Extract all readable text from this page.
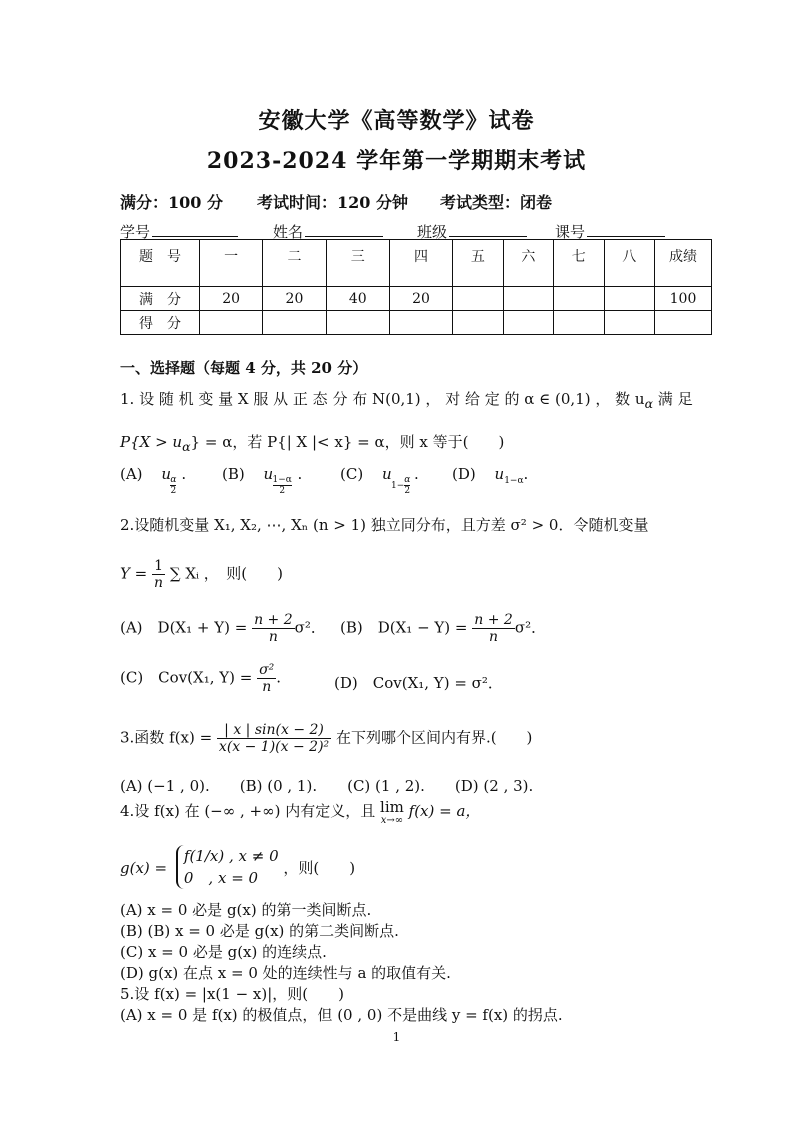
安徽大学《高等数学》试卷
2023-2024 学年第一学期期末考试
满分：100 分 考试时间：120 分钟 考试类型：闭卷
学号	姓名	班级	课号
题　号	一	二	三	四	五	六	七	八	成绩
满　分	20	20	40	20					100
得　分									
一、选择题（每题 4 分，共 20 分）
1. 设 随 机 变 量 X 服 从 正 态 分 布 N(0,1) ， 对 给 定 的 α ∈ (0,1) ， 数 $u_\alpha$ 满 足
$P\{X > u_\alpha\} = \alpha$，若 P{| X |< x} = α，则 x 等于(　　)
(A) u
$\frac{\alpha}{2}$
. (B) u
$\frac{1-\alpha}{2}$
.	(C) u
$1- \frac{\alpha}{2}$
. (D) $u_{1-\alpha}$.
2.设随机变量 X₁, X₂, ⋯, Xₙ (n > 1) 独立同分布，且方差 σ² > 0．令随机变量
$Y = \frac{1}{n}$ ∑ Xᵢ ，　则(　　)
(A)　$D(X_1 + Y) = \frac{n + 2}{n} \sigma^2$． (B)　$D(X_1 - Y) = \frac{n + 2}{n} \sigma^2$．
(C)　Cov(X₁, $Y) = \frac{\text{σ²}}{n}$ .	(D)　Cov(X₁, Y) = σ²．
3.函数 $f(x) = \frac{| x | \sin(x - 2)}{\text{x(x − 1)(x − 2)²}}$ 在下列哪个区间内有界.(　　)
(A) (−1 , 0).　　(B) (0 , 1).　　(C) (1 , 2).　　(D) (2 , 3).
4.设 f(x) 在 (−∞ , +∞) 内有定义，且 lim
x→∞
f(x) = a，
g(x) =
f(1/x) , x ≠ 0
0　, x = 0
，则(　　)
(A) x = 0 必是 g(x) 的第一类间断点.
(B) (B) x = 0 必是 g(x) 的第二类间断点.
(C) x = 0 必是 g(x) 的连续点.
(D) g(x) 在点 x = 0 处的连续性与 a 的取值有关.
5.设 f(x) = |x(1 − x)|，则(　　)
(A) x = 0 是 f(x) 的极值点，但 (0 , 0) 不是曲线 y = f(x) 的拐点.
1
